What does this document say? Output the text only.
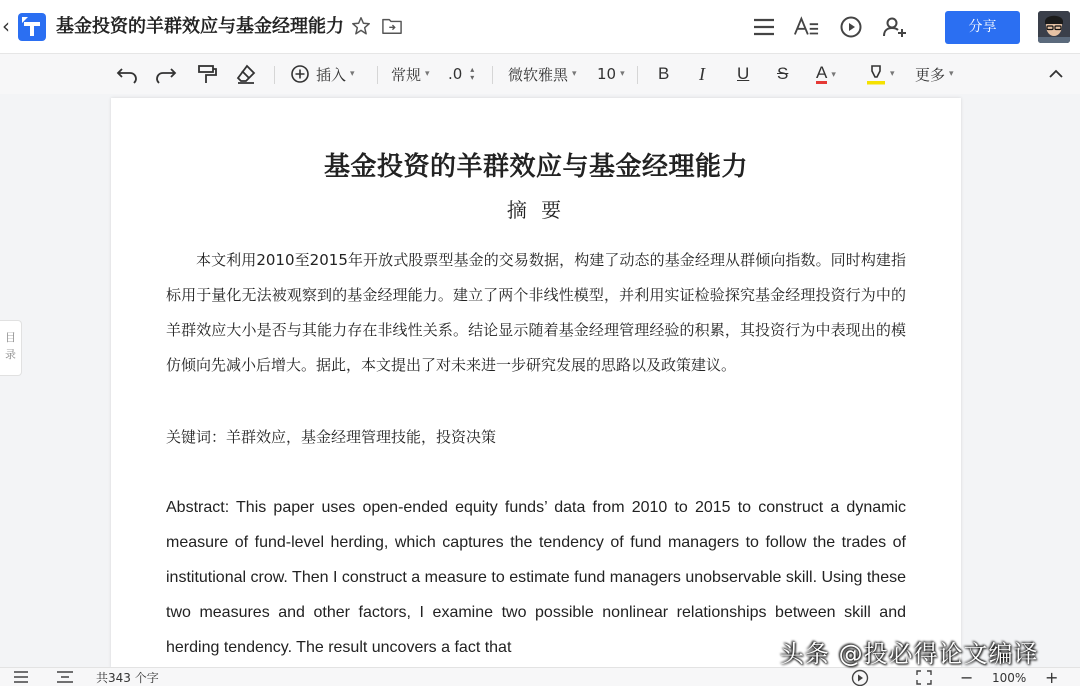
‹	基金投资的羊群效应与基金经理能力	分享
插入 ▾ 常规 ▾ .0 ▴
▾ 微软雅黑 ▾ 10 ▾ B I U S A ▾	▾ 更多 ▾
目
录
基金投资的羊群效应与基金经理能力
摘 要
本文利用2010至2015年开放式股票型基金的交易数据，构建了动态的基金经理从群倾向指数。同时构建指标用于量化无法被观察到的基金经理能力。建立了两个非线性模型，并利用实证检验探究基金经理投资行为中的羊群效应大小是否与其能力存在非线性关系。结论显示随着基金经理管理经验的积累，其投资行为中表现出的模仿倾向先减小后增大。据此，本文提出了对未来进一步研究发展的思路以及政策建议。
关键词：羊群效应，基金经理管理技能，投资决策
Abstract: This paper uses open-ended equity funds’ data from 2010 to 2015 to construct a dynamic measure of fund-level herding, which captures the tendency of fund managers to follow the trades of institutional crow. Then I construct a measure to estimate fund managers unobservable skill. Using these two measures and other factors, I examine two possible nonlinear relationships between skill and herding tendency. The result uncovers a fact that
共343 个字	− 100% +
头条 @投必得论文编译
